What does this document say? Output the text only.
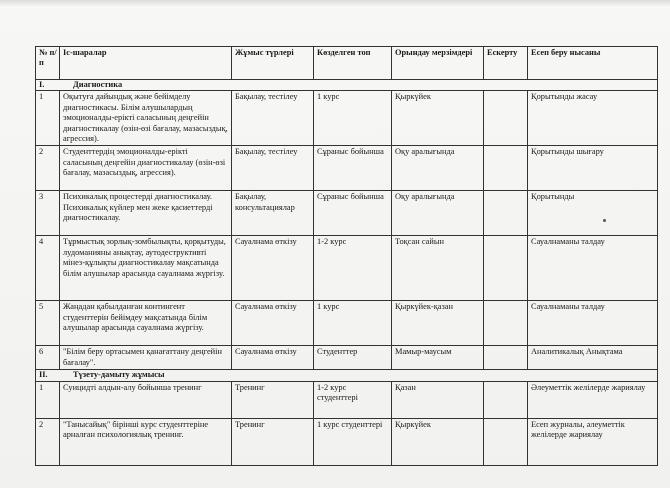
№ п/п	Іс-шаралар	Жұмыс түрлері	Көзделген топ	Орындау мерзімдері	Ескерту	Есеп беру нысаны
I. Диагностика						
1	Оқытуға дайындық және бейімделу диагностикасы. Білім алушылардың эмоционалды-ерікті саласының деңгейін диагностикалау (өзін-өзі бағалау, мазасыздық, агрессия).	Бақылау, тестілеу	1 курс	Қыркүйек		Қорытынды жасау
2	Студенттердің эмоционалды-ерікті саласының деңгейін диагностикалау (өзін-өзі бағалау, мазасыздық, агрессия).	Бақылау, тестілеу	Сұраныс бойынша	Оқу аралығында		Қорытынды шығару
3	Психикалық процестерді диагностикалау. Психикалық күйлер мен жеке қасиеттерді диагностикалау.	Бақылау, консультациялар	Сұраныс бойынша	Оқу аралығында		Қорытынды
4	Тұрмыстық зорлық-зомбылықты, қорқытуды, лудоманияны анықтау, аутодеструктивті мінез-құлықты диагностикалау мақсатында білім алушылар арасында сауалнама жүргізу.	Сауалнама өткізу	1-2 курс	Тоқсан сайын		Сауалнаманы талдау
5	Жаңадан қабылданған контингент студенттерін бейімдеу мақсатында білім алушылар арасында сауалнама жүргізу.	Сауалнама өткізу	1 курс	Қыркүйек-қазан		Сауалнаманы талдау
6	"Білім беру ортасымен қанағаттану деңгейін бағалау".	Сауалнама өткізу	Студенттер	Мамыр-маусым		Аналитикалық Анықтама
II. Түзету-дамыту жұмысы						
1	Суицидті алдын-алу бойынша тренинг	Тренинг	1-2 курс студенттері	Қазан		Әлеуметтік желілерде жариялау
2	"Танысайық" бірінші курс студенттеріне арналған психологиялық тренинг.	Тренинг	1 курс студенттері	Қыркүйек		Есеп журналы, әлеуметтік желілерде жариялау
